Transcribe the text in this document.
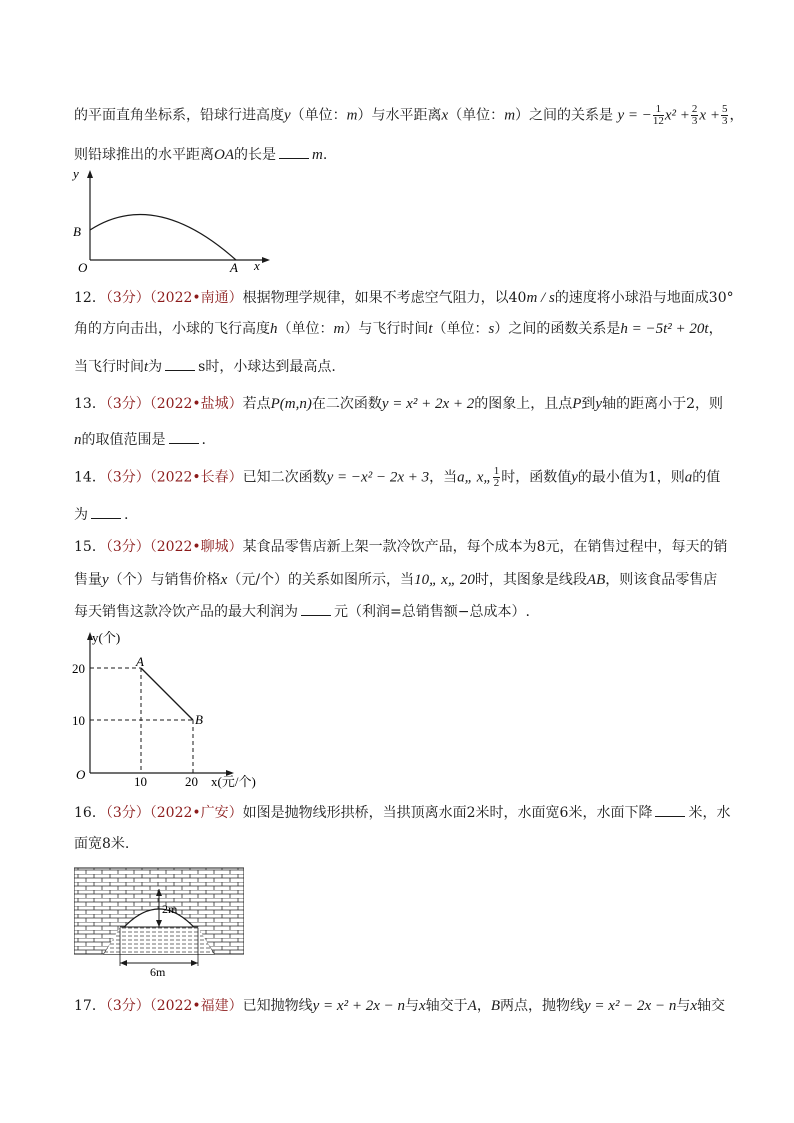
的平面直角坐标系，铅球行进高度y（单位：m）与水平距离x（单位：m）之间的关系是 y = − $\frac{1}{12} x^2 + \frac{2}{3}$ $x + \frac{5}{3}$ ，
则铅球推出的水平距离OA的长是 m.
y
B
O	A x
12．（3分）（2022•南通）根据物理学规律，如果不考虑空气阻力，以40m / s的速度将小球沿与地面成30°
角的方向击出，小球的飞行高度h（单位：m）与飞行时间t（单位：s）之间的函数关系是h = −5t² + 20t，
当飞行时间t为	s时，小球达到最高点.
13．（3分）（2022•盐城）若点P(m,n)在二次函数y = x² + 2x + 2的图象上，且点P到y轴的距离小于2，则
n的取值范围是	.
14．（3分）（2022•长春）已知二次函数y = −x² − 2x + 3，当a„ x„ $\frac{1}{2}$ 时，函数值y的最小值为1，则a的值
为	.
15．（3分）（2022•聊城）某食品零售店新上架一款冷饮产品，每个成本为8元，在销售过程中，每天的销
售量y（个）与销售价格x（元/个）的关系如图所示，当10„ x„ 20时，其图象是线段AB，则该食品零售店
每天销售这款冷饮产品的最大利润为	元（利润=总销售额−总成本）.
y(个)
20
10
O	10	20 x(元/个)
A
B
16．（3分）（2022•广安）如图是抛物线形拱桥，当拱顶离水面2米时，水面宽6米，水面下降	米，水
面宽8米.
2m
6m
17．（3分）（2022•福建）已知抛物线y = x² + 2x − n与x轴交于A，B两点，抛物线y = x² − 2x − n与x轴交
